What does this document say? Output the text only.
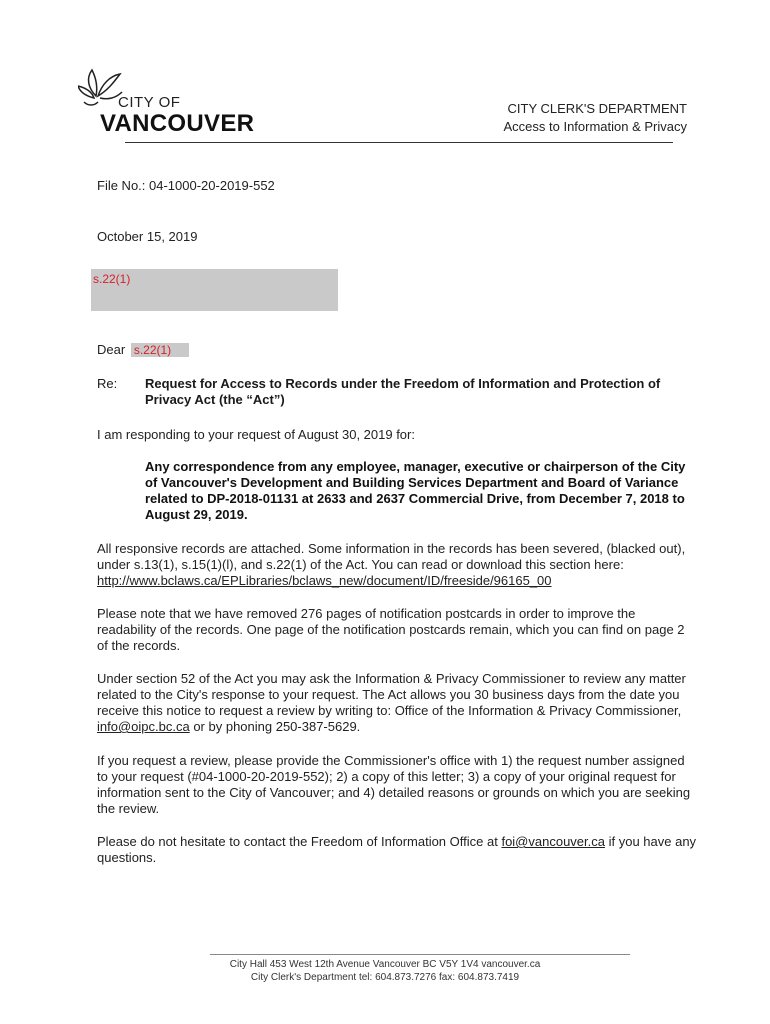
CITY OF
VANCOUVER
CITY CLERK'S DEPARTMENT
Access to Information & Privacy
File No.: 04-1000-20-2019-552
October 15, 2019
s.22(1)
Dear s.22(1)
Re: Request for Access to Records under the Freedom of Information and Protection of Privacy Act (the “Act”)
I am responding to your request of August 30, 2019 for:
Any correspondence from any employee, manager, executive or chairperson of the City of Vancouver's Development and Building Services Department and Board of Variance related to DP-2018-01131 at 2633 and 2637 Commercial Drive, from December 7, 2018 to August 29, 2019.
All responsive records are attached. Some information in the records has been severed, (blacked out), under s.13(1), s.15(1)(l), and s.22(1) of the Act. You can read or download this section here: http://www.bclaws.ca/EPLibraries/bclaws_new/document/ID/freeside/96165_00
Please note that we have removed 276 pages of notification postcards in order to improve the readability of the records. One page of the notification postcards remain, which you can find on page 2 of the records.
Under section 52 of the Act you may ask the Information & Privacy Commissioner to review any matter related to the City's response to your request. The Act allows you 30 business days from the date you receive this notice to request a review by writing to: Office of the Information & Privacy Commissioner, info@oipc.bc.ca or by phoning 250-387-5629.
If you request a review, please provide the Commissioner's office with 1) the request number assigned to your request (#04-1000-20-2019-552); 2) a copy of this letter; 3) a copy of your original request for information sent to the City of Vancouver; and 4) detailed reasons or grounds on which you are seeking the review.
Please do not hesitate to contact the Freedom of Information Office at foi@vancouver.ca if you have any questions.
City Hall 453 West 12th Avenue Vancouver BC V5Y 1V4 vancouver.ca
City Clerk's Department tel: 604.873.7276 fax: 604.873.7419
